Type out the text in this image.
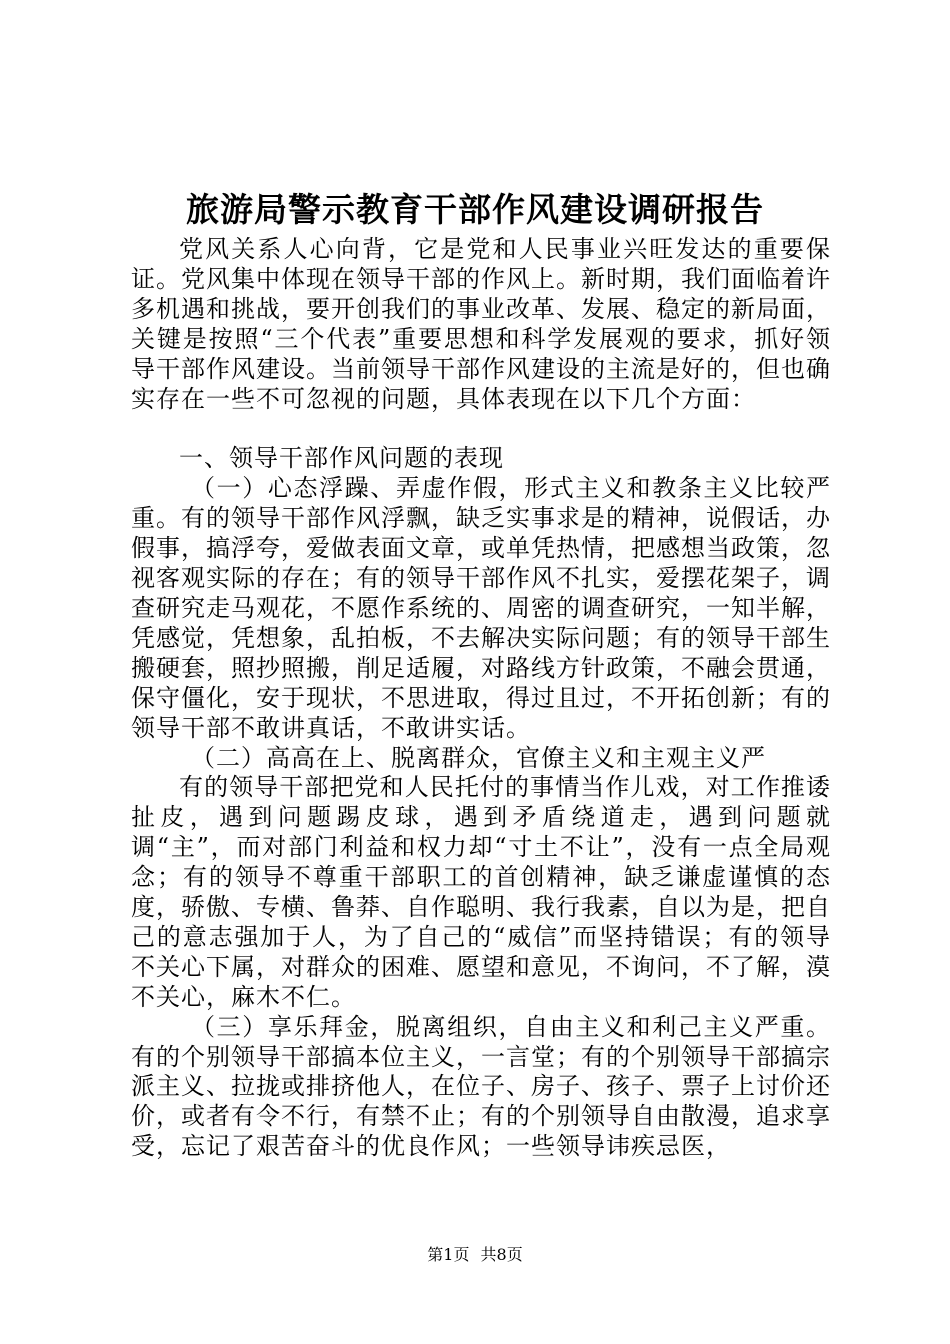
旅游局警示教育干部作风建设调研报告

党风关系人心向背，它是党和人民事业兴旺发达的重要保证。党风集中体现在领导干部的作风上。新时期，我们面临着许多机遇和挑战，要开创我们的事业改革、发展、稳定的新局面，关键是按照“三个代表”重要思想和科学发展观的要求，抓好领导干部作风建设。当前领导干部作风建设的主流是好的，但也确实存在一些不可忽视的问题，具体表现在以下几个方面：

一、领导干部作风问题的表现

（一）心态浮躁、弄虚作假，形式主义和教条主义比较严重。有的领导干部作风浮飘，缺乏实事求是的精神，说假话，办假事，搞浮夸，爱做表面文章，或单凭热情，把感想当政策，忽视客观实际的存在；有的领导干部作风不扎实，爱摆花架子，调查研究走马观花，不愿作系统的、周密的调查研究，一知半解，凭感觉，凭想象，乱拍板，不去解决实际问题；有的领导干部生搬硬套，照抄照搬，削足适履，对路线方针政策，不融会贯通，保守僵化，安于现状，不思进取，得过且过，不开拓创新；有的领导干部不敢讲真话，不敢讲实话。

（二）高高在上、脱离群众，官僚主义和主观主义严

有的领导干部把党和人民托付的事情当作儿戏，对工作推诿扯皮，遇到问题踢皮球，遇到矛盾绕道走，遇到问题就调“主”，而对部门利益和权力却“寸土不让”，没有一点全局观念；有的领导不尊重干部职工的首创精神，缺乏谦虚谨慎的态度，骄傲、专横、鲁莽、自作聪明、我行我素，自以为是，把自己的意志强加于人，为了自己的“威信”而坚持错误；有的领导不关心下属，对群众的困难、愿望和意见，不询问，不了解，漠不关心，麻木不仁。

（三）享乐拜金，脱离组织，自由主义和利己主义严重。有的个别领导干部搞本位主义，一言堂；有的个别领导干部搞宗派主义、拉拢或排挤他人，在位子、房子、孩子、票子上讨价还价，或者有令不行，有禁不止；有的个别领导自由散漫，追求享受，忘记了艰苦奋斗的优良作风；一些领导讳疾忌医，

第1页 共8页
